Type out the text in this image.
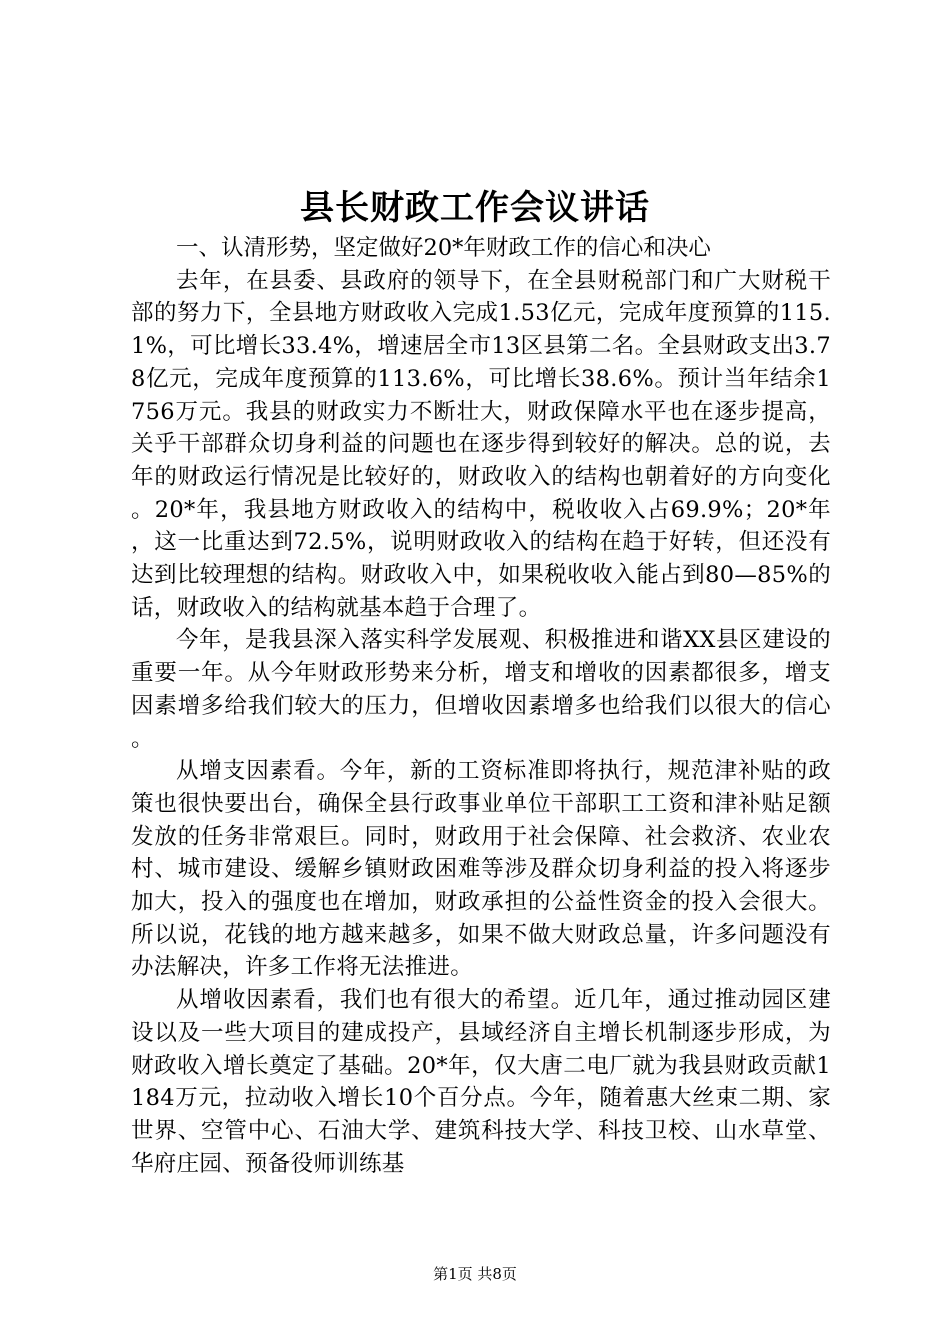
县长财政工作会议讲话

一、认清形势，坚定做好20*年财政工作的信心和决心

去年，在县委、县政府的领导下，在全县财税部门和广大财税干部的努力下，全县地方财政收入完成1.53亿元，完成年度预算的115.1%，可比增长33.4%，增速居全市13区县第二名。全县财政支出3.78亿元，完成年度预算的113.6%，可比增长38.6%。预计当年结余1756万元。我县的财政实力不断壮大，财政保障水平也在逐步提高，关乎干部群众切身利益的问题也在逐步得到较好的解决。总的说，去年的财政运行情况是比较好的，财政收入的结构也朝着好的方向变化。20*年，我县地方财政收入的结构中，税收收入占69.9%；20*年，这一比重达到72.5%，说明财政收入的结构在趋于好转，但还没有达到比较理想的结构。财政收入中，如果税收收入能占到80—85%的话，财政收入的结构就基本趋于合理了。

今年，是我县深入落实科学发展观、积极推进和谐XX县区建设的重要一年。从今年财政形势来分析，增支和增收的因素都很多，增支因素增多给我们较大的压力，但增收因素增多也给我们以很大的信心。

从增支因素看。今年，新的工资标准即将执行，规范津补贴的政策也很快要出台，确保全县行政事业单位干部职工工资和津补贴足额发放的任务非常艰巨。同时，财政用于社会保障、社会救济、农业农村、城市建设、缓解乡镇财政困难等涉及群众切身利益的投入将逐步加大，投入的强度也在增加，财政承担的公益性资金的投入会很大。所以说，花钱的地方越来越多，如果不做大财政总量，许多问题没有办法解决，许多工作将无法推进。

从增收因素看，我们也有很大的希望。近几年，通过推动园区建设以及一些大项目的建成投产，县域经济自主增长机制逐步形成，为财政收入增长奠定了基础。20*年，仅大唐二电厂就为我县财政贡献1184万元，拉动收入增长10个百分点。今年，随着惠大丝束二期、家世界、空管中心、石油大学、建筑科技大学、科技卫校、山水草堂、华府庄园、预备役师训练基

第1页 共8页
